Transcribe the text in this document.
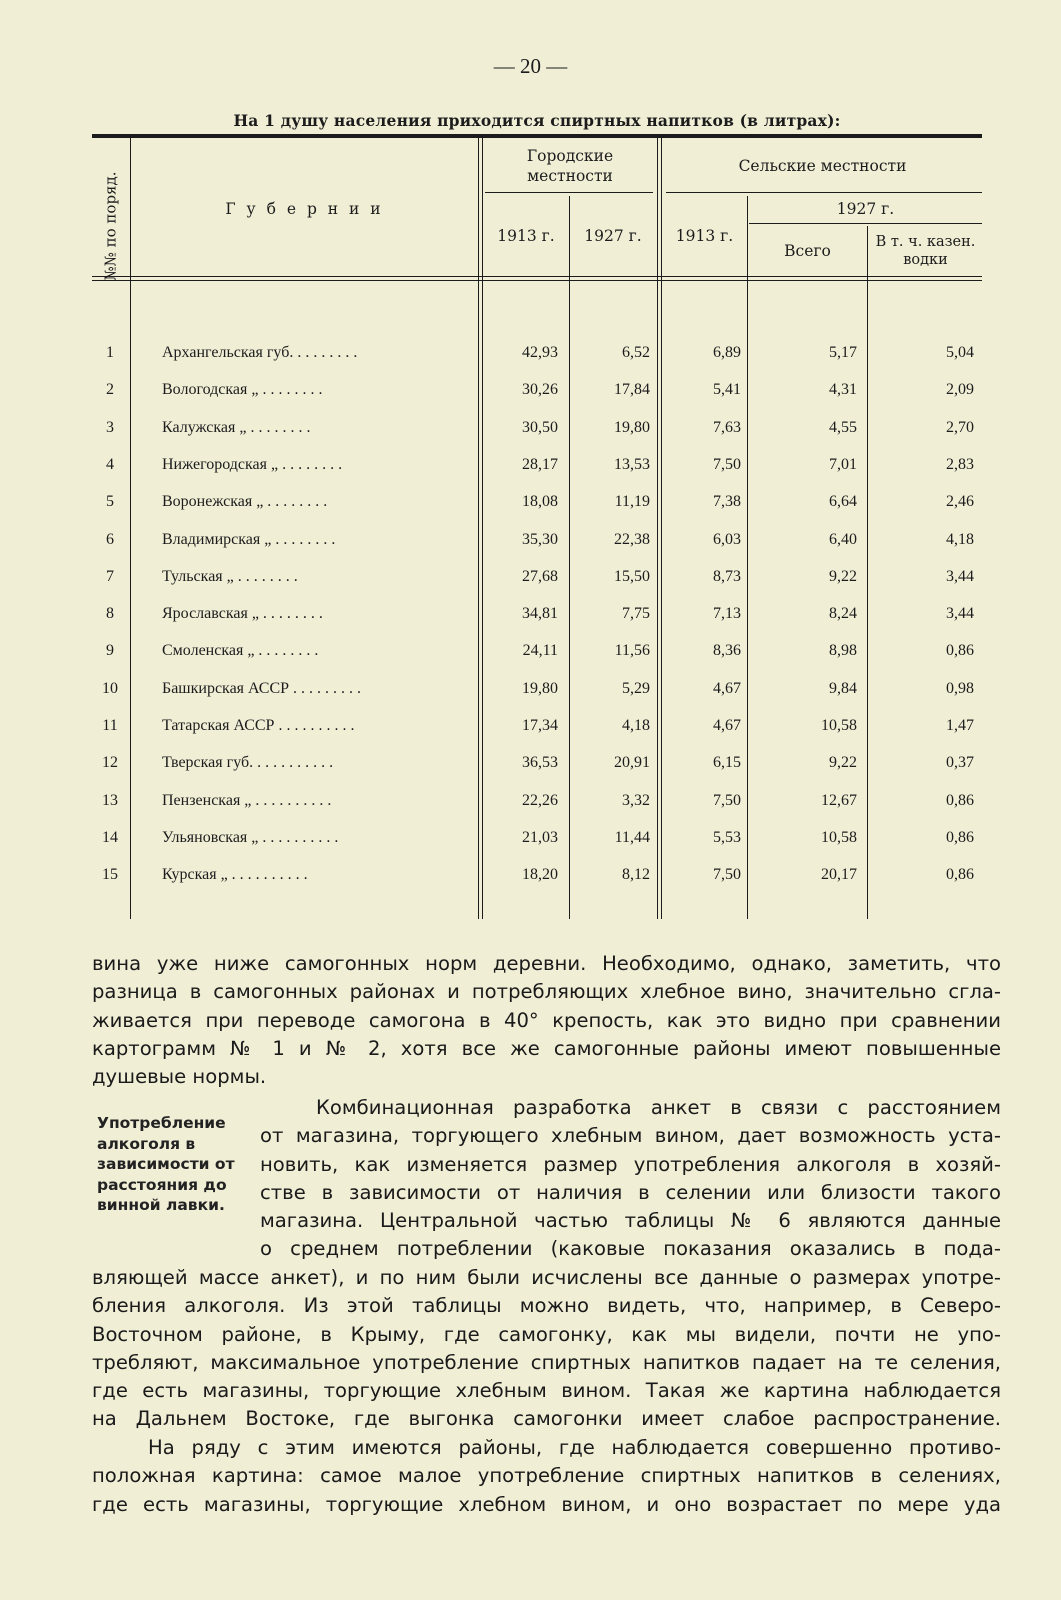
— 20 —
На 1 душу населения приходится спиртных напитков (в литрах):
№№ по поряд.	Г у б е р н и и
Городские местности
Сельские местности
1913 г.	1927 г.	1913 г.
1927 г.
Всего	В т. ч. казен. водки
1	Архангельская губ. . . . . . . . .	42,93	6,52	6,89	5,17	5,04
2	Вологодская „ . . . . . . . .	30,26	17,84	5,41	4,31	2,09
3	Калужская „ . . . . . . . .	30,50	19,80	7,63	4,55	2,70
4	Нижегородская „ . . . . . . . .	28,17	13,53	7,50	7,01	2,83
5	Воронежская „ . . . . . . . .	18,08	11,19	7,38	6,64	2,46
6	Владимирская „ . . . . . . . .	35,30	22,38	6,03	6,40	4,18
7	Тульская „ . . . . . . . .	27,68	15,50	8,73	9,22	3,44
8	Ярославская „ . . . . . . . .	34,81	7,75	7,13	8,24	3,44
9	Смоленская „ . . . . . . . .	24,11	11,56	8,36	8,98	0,86
10	Башкирская АССР . . . . . . . . .	19,80	5,29	4,67	9,84	0,98
11	Татарская АССР . . . . . . . . . .	17,34	4,18	4,67	10,58	1,47
12	Тверская губ. . . . . . . . . . .	36,53	20,91	6,15	9,22	0,37
13	Пензенская „ . . . . . . . . . .	22,26	3,32	7,50	12,67	0,86
14	Ульяновская „ . . . . . . . . . .	21,03	11,44	5,53	10,58	0,86
15	Курская „ . . . . . . . . . .	18,20	8,12	7,50	20,17	0,86
вина уже ниже самогонных норм деревни. Необходимо, однако, заметить, что
разница в самогонных районах и потребляющих хлебное вино, значительно сгла-
живается при переводе самогона в 40° крепость, как это видно при сравнении
картограмм № 1 и № 2, хотя все же самогонные районы имеют повышенные
душевые нормы.
Употребление алкоголя в зависимости от расстояния до винной лавки.
Комбинационная разработка анкет в связи с расстоянием
от магазина, торгующего хлебным вином, дает возможность уста-
новить, как изменяется размер употребления алкоголя в хозяй-
стве в зависимости от наличия в селении или близости такого
магазина. Центральной частью таблицы № 6 являются данные
о среднем потреблении (каковые показания оказались в пода-
вляющей массе анкет), и по ним были исчислены все данные о размерах употре-
бления алкоголя. Из этой таблицы можно видеть, что, например, в Северо-
Восточном районе, в Крыму, где самогонку, как мы видели, почти не упо-
требляют, максимальное употребление спиртных напитков падает на те селения,
где есть магазины, торгующие хлебным вином. Такая же картина наблюдается
на Дальнем Востоке, где выгонка самогонки имеет слабое распространение.
На ряду с этим имеются районы, где наблюдается совершенно противо-
положная картина: самое малое употребление спиртных напитков в селениях,
где есть магазины, торгующие хлебном вином, и оно возрастает по мере уда
